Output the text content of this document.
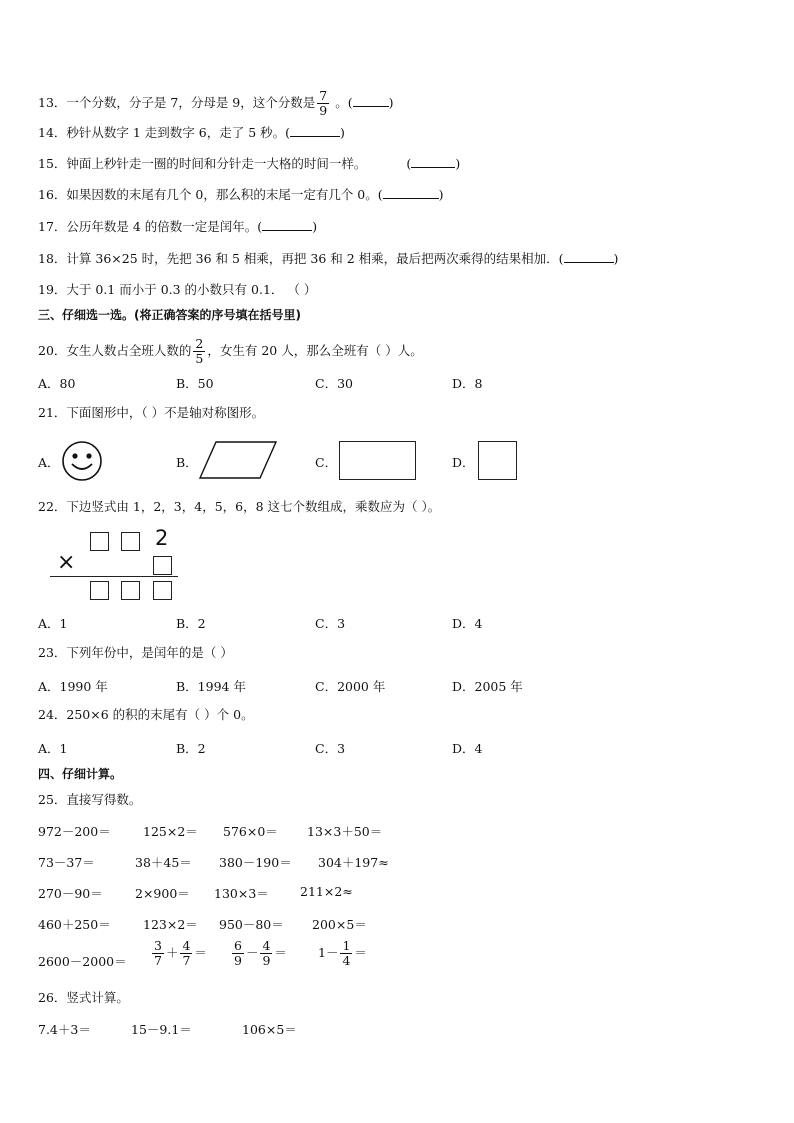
13．一个分数，分子是 7，分母是 9，这个分数是 $\frac{7}{9}$ 。(	)
14．秒针从数字 1 走到数字 6，走了 5 秒。(	)
15．钟面上秒针走一圈的时间和分针走一大格的时间一样。	(	)
16．如果因数的末尾有几个 0，那么积的末尾一定有几个 0。(	)
17．公历年数是 4 的倍数一定是闰年。(	)
18．计算 36×25 时，先把 36 和 5 相乘，再把 36 和 2 相乘，最后把两次乘得的结果相加．(	)
19．大于 0.1 而小于 0.3 的小数只有 0.1． （ ）
三、仔细选一选。(将正确答案的序号填在括号里)
20．女生人数占全班人数的 $\frac{2}{5}$ ，女生有 20 人，那么全班有（ ）人。
A．80	B．50	C．30	D．8
21．下面图形中，（ ）不是轴对称图形。
A．	B．	C．	D．
22．下边竖式由 1，2，3，4，5，6，8 这七个数组成，乘数应为（ ）。
2
×
A．1	B．2	C．3	D．4
23．下列年份中，是闰年的是（ ）
A．1990 年	B．1994 年	C．2000 年	D．2005 年
24．250×6 的积的末尾有（ ）个 0。
A．1	B．2	C．3	D．4
四、仔细计算。
25．直接写得数。
972－200＝	125×2＝ 576×0＝ 13×3＋50＝
73－37＝	38＋45＝ 380－190＝ 304＋197≈
270－90＝	2×900＝ 130×3＝ 211×2≈
460＋250＝	123×2＝ 950－80＝ 200×5＝
$2600-2000= \frac{3}{7} + \frac{4}{7} = \frac{6}{9} - \frac{4}{9} = 1- \frac{1}{4}$ ＝
26．竖式计算。
7.4＋3＝	15－9.1＝	106×5＝
